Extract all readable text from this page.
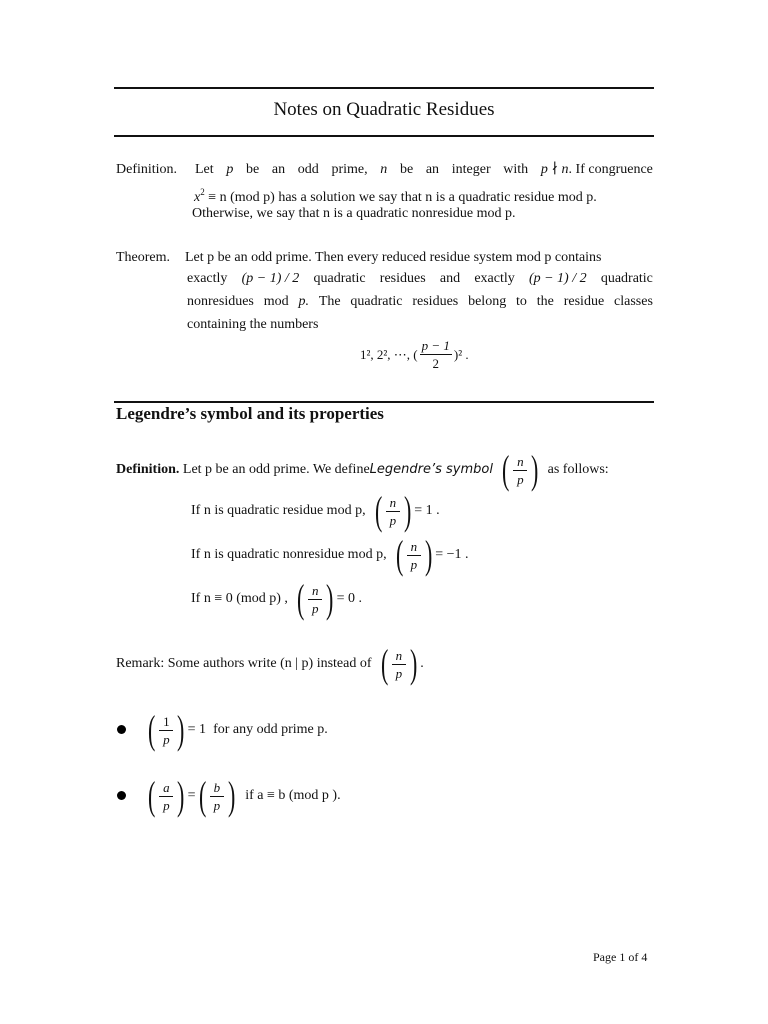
Notes on Quadratic Residues
Definition. Let p be an odd prime, n be an integer with p ∤ n. If congruence
$x^2 \equiv n$ (mod p) has a solution we say that n is a quadratic residue mod p.
Otherwise, we say that n is a quadratic nonresidue mod p.
Theorem. Let p be an odd prime. Then every reduced residue system mod p contains
exactly (p − 1) / 2 quadratic residues and exactly (p − 1) / 2 quadratic
nonresidues mod p. The quadratic residues belong to the residue classes
containing the numbers
1², 2², ⋯, ( $\frac{p - 1}{2} )^2$ .
Legendre’s symbol and its properties
Definition.
Let p be an odd prime. We define Legendre’s symbol ( $\frac{n}{p}$ ) as follows:
If n is quadratic residue mod p, ( $\frac{n}{p}$ ) = 1 .
If n is quadratic nonresidue mod p, ( $\frac{n}{p}$ ) = −1 .
If n ≡ 0 (mod p) , ( $\frac{n}{p}$ ) = 0 .
Remark: Some authors write (n | p) instead of ( $\frac{n}{p}$ ) .
( $\frac{1}{p}$ ) = 1
for any odd prime p.
( $\frac{a}{p}$ ) = ( $\frac{b}{p}$ )
if a ≡ b (mod p ).
Page 1 of 4
